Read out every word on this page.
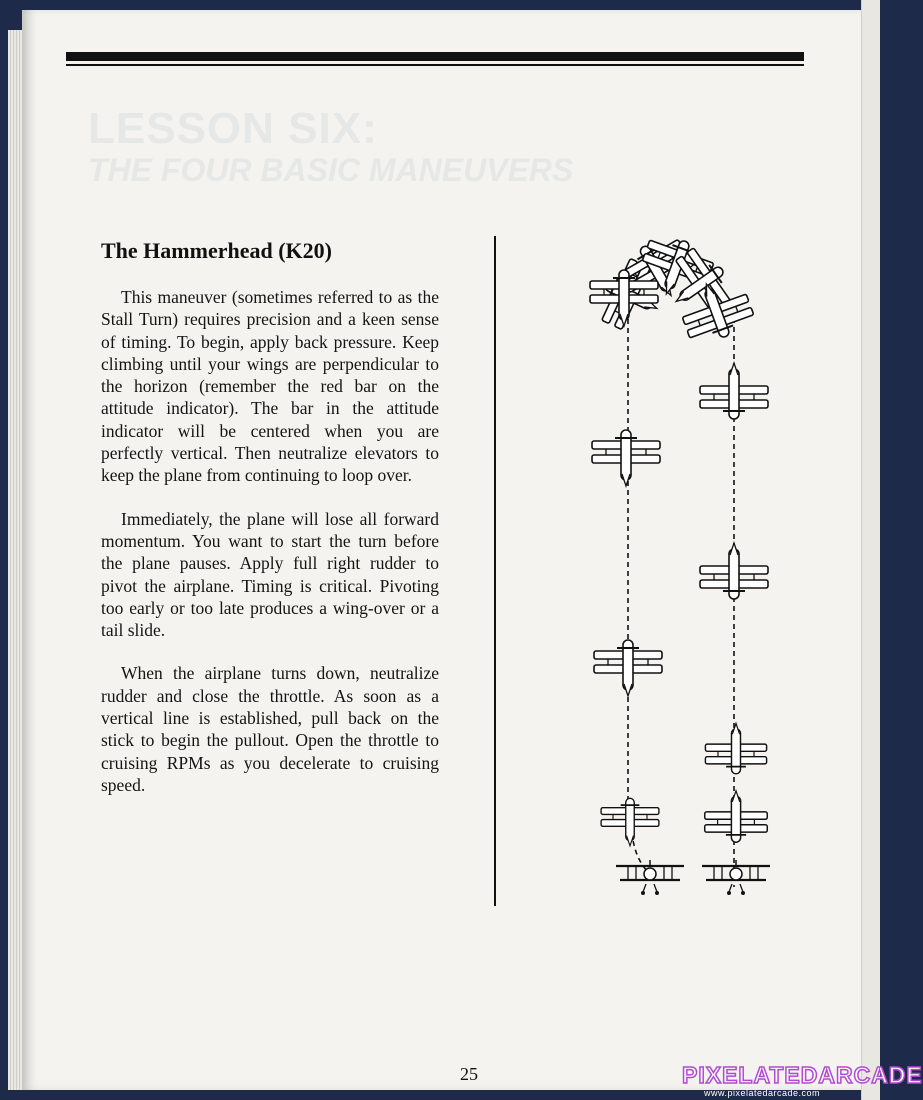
LESSON SIX:
THE FOUR BASIC MANEUVERS
The Hammerhead (K20)

This maneuver (sometimes referred to as the Stall Turn) requires precision and a keen sense of timing. To begin, apply back pressure. Keep climbing until your wings are perpendicular to the horizon (remember the red bar on the attitude indicator). The bar in the attitude indicator will be centered when you are perfectly vertical. Then neutralize elevators to keep the plane from continuing to loop over.

Immediately, the plane will lose all forward momentum. You want to start the turn before the plane pauses. Apply full right rudder to pivot the airplane. Timing is critical. Pivoting too early or too late produces a wing-over or a tail slide.

When the airplane turns down, neutralize rudder and close the throttle. As soon as a vertical line is established, pull back on the stick to begin the pullout. Open the throttle to cruising RPMs as you decelerate to cruising speed.

25	PIXELATEDARCADE
www.pixelatedarcade.com
